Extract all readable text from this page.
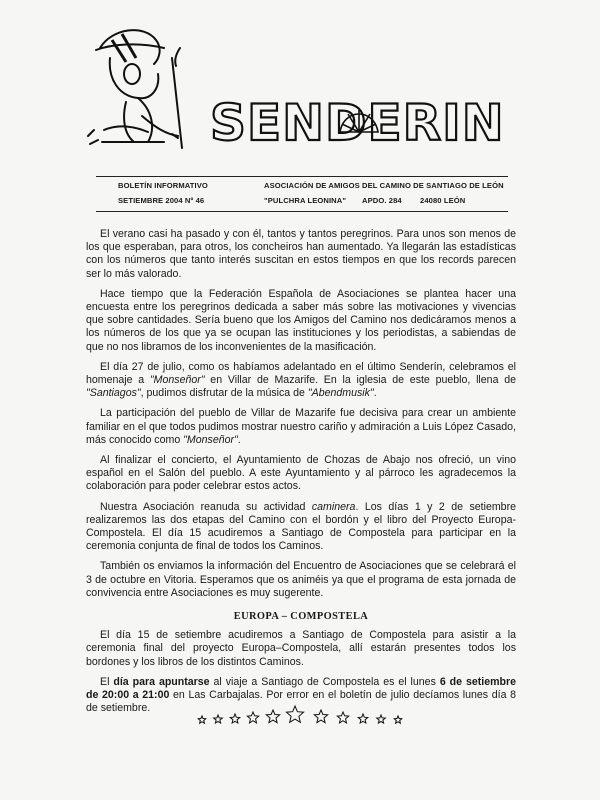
SENDERIN
BOLETÍN INFORMATIVO	ASOCIACIÓN DE AMIGOS DEL CAMINO DE SANTIAGO DE LEÓN
SETIEMBRE 2004 Nº 46	"PULCHRA LEONINA" APDO. 284 24080 LEÓN

El verano casi ha pasado y con él, tantos y tantos peregrinos. Para unos son menos de los que esperaban, para otros, los concheiros han aumentado. Ya llegarán las estadísticas con los números que tanto interés suscitan en estos tiempos en que los records parecen ser lo más valorado.

Hace tiempo que la Federación Española de Asociaciones se plantea hacer una encuesta entre los peregrinos dedicada a saber más sobre las motivaciones y vivencias que sobre cantidades. Sería bueno que los Amigos del Camino nos dedicáramos menos a los números de los que ya se ocupan las instituciones y los periodistas, a sabiendas de que no nos libramos de los inconvenientes de la masificación.

El día 27 de julio, como os habíamos adelantado en el último Senderín, celebramos el homenaje a "Monseñor" en Villar de Mazarife. En la iglesia de este pueblo, llena de "Santiagos", pudimos disfrutar de la música de "Abendmusik".

La participación del pueblo de Villar de Mazarife fue decisiva para crear un ambiente familiar en el que todos pudimos mostrar nuestro cariño y admiración a Luis López Casado, más conocido como "Monseñor".

Al finalizar el concierto, el Ayuntamiento de Chozas de Abajo nos ofreció, un vino español en el Salón del pueblo. A este Ayuntamiento y al párroco les agradecemos la colaboración para poder celebrar estos actos.

Nuestra Asociación reanuda su actividad caminera. Los días 1 y 2 de setiembre realizaremos las dos etapas del Camino con el bordón y el libro del Proyecto Europa-Compostela. El día 15 acudiremos a Santiago de Compostela para participar en la ceremonia conjunta de final de todos los Caminos.

También os enviamos la información del Encuentro de Asociaciones que se celebrará el 3 de octubre en Vitoria. Esperamos que os animéis ya que el programa de esta jornada de convivencia entre Asociaciones es muy sugerente.

EUROPA – COMPOSTELA

El día 15 de setiembre acudiremos a Santiago de Compostela para asistir a la ceremonia final del proyecto Europa–Compostela, allí estarán presentes todos los bordones y los libros de los distintos Caminos.

El día para apuntarse al viaje a Santiago de Compostela es el lunes 6 de setiembre de 20:00 a 21:00 en Las Carbajalas. Por error en el boletín de julio decíamos lunes día 8 de setiembre.
